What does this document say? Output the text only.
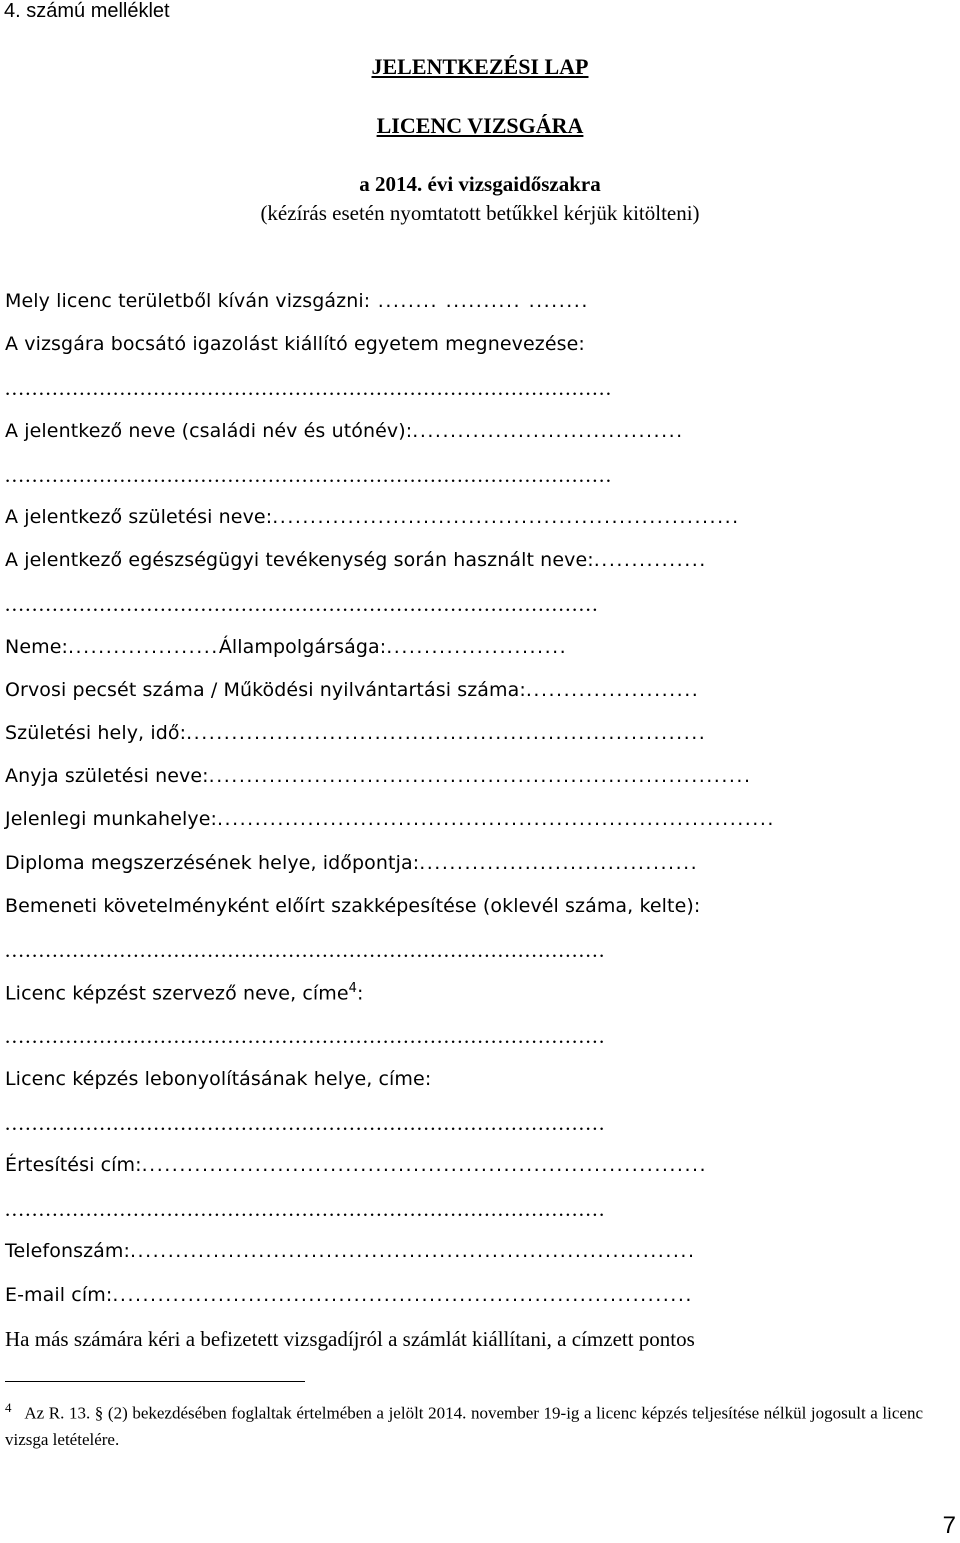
4. számú melléklet
JELENTKEZÉSI LAP
LICENC VIZSGÁRA
a 2014. évi vizsgaidőszakra
(kézírás esetén nyomtatott betűkkel kérjük kitölteni)
Mely licenc területből kíván vizsgázni: ........ .......... ........
A vizsgára bocsátó igazolást kiállító egyetem megnevezése:
..........................................................................................
A jelentkező neve (családi név és utónév):....................................
..........................................................................................
A jelentkező születési neve:..............................................................
A jelentkező egészségügyi tevékenység során használt neve:...............
........................................................................................
Neme:....................Állampolgársága:........................
Orvosi pecsét száma / Működési nyilvántartási száma:.......................
Születési hely, idő:.....................................................................
Anyja születési neve:........................................................................
Jelenlegi munkahelye:..........................................................................
Diploma megszerzésének helye, időpontja:.....................................
Bemeneti követelményként előírt szakképesítése (oklevél száma, kelte):
.........................................................................................
Licenc képzést szervező neve, címe$^4$:
.........................................................................................
Licenc képzés lebonyolításának helye, címe:
.........................................................................................
Értesítési cím:...........................................................................
.........................................................................................
Telefonszám:...........................................................................
E-mail cím:.............................................................................
Ha más számára kéri a befizetett vizsgadíjról a számlát kiállítani, a címzett pontos
$^4$ Az R. 13. § (2) bekezdésében foglaltak értelmében a jelölt 2014. november 19-ig a licenc képzés teljesítése nélkül jogosult a licenc vizsga letételére.
7
